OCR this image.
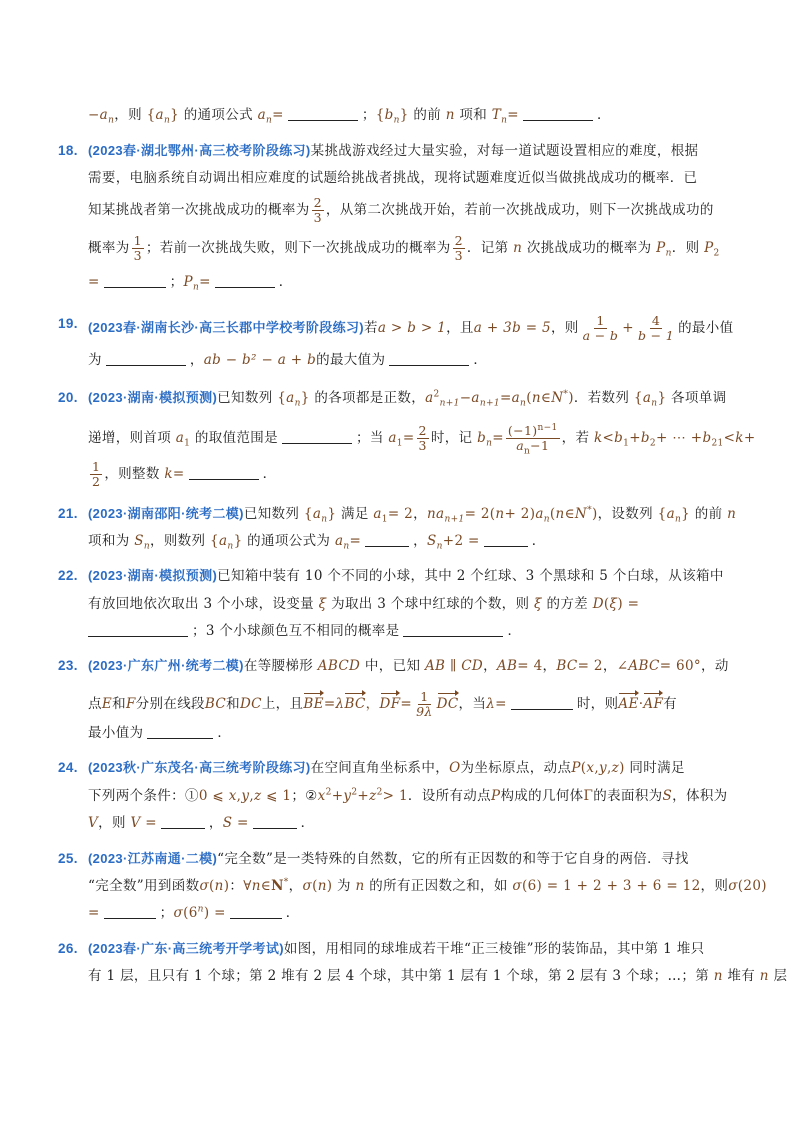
$-a_n$，则 $\{a_n\}$ 的通项公式 $a_n=$	；$\{b_n\}$ 的前 n 项和 $T_n=$	．
18. (2023春·湖北鄂州·高三校考阶段练习)某挑战游戏经过大量实验，对每一道试题设置相应的难度，根据
需要，电脑系统自动调出相应难度的试题给挑战者挑战，现将试题难度近似当做挑战成功的概率．已
知某挑战者第一次挑战成功的概率为 $\frac{2}{3}$ ，从第二次挑战开始，若前一次挑战成功，则下一次挑战成功的
概率为 $\frac{1}{3}$ ；若前一次挑战失败，则下一次挑战成功的概率为 $\frac{2}{3}$ ．记第 n 次挑战成功的概率为 $P_n$．则 $P_2$
=	；$P_n=$	．
19. (2023春·湖南长沙·高三长郡中学校考阶段练习)若a > b > 1，且a + 3b = 5，则 $\frac{1}{a - b} + \frac{4}{b - 1}$ 的最小值
为	，ab − b² − a + b的最大值为	．
20. (2023·湖南·模拟预测)已知数列 $\{a_n\}$ 的各项都是正数，$a^2_{n+1}-a_{n+1}=a_n(n\in N^*)$．若数列 $\{a_n\}$ 各项单调
递增，则首项 $a_1$ 的取值范围是	；当 $a_1= \frac{2}{3}$ 时，记 $b_n= \frac{(-1)^{n-1}}{a_n-1}$ ，若 $k<b_1+b_2+$ ⋯ $+b_{21}<k+$
$\frac{1}{2}$ ，则整数 k=	．
21. (2023·湖南邵阳·统考二模)已知数列 $\{a_n\}$ 满足 $a_1= 2$，$na_{n+1}= 2(n+$ $2)a_n(n\in N^*)$，设数列 $\{a_n\}$ 的前 n
项和为 $S_n$，则数列 $\{a_n\}$ 的通项公式为 $a_n=$	，$S_n+2$ =	．
22. (2023·湖南·模拟预测)已知箱中装有 10 个不同的小球，其中 2 个红球、3 个黑球和 5 个白球，从该箱中
有放回地依次取出 3 个小球，设变量 ξ 为取出 3 个球中红球的个数，则 ξ 的方差 D(ξ) =
；3 个小球颜色互不相同的概率是	．
23. (2023·广东广州·统考二模)在等腰梯形 ABCD 中，已知 AB ∥ CD，AB= 4，BC= 2，∠ABC= 60°，动
点E和F分别在线段BC和DC上，且BE=λBC，$DF= \frac{1}{9\lambda}$ DC，当λ=	时，则AE·AF有
最小值为	．
24. (2023秋·广东茂名·高三统考阶段练习)在空间直角坐标系中，O为坐标原点，动点P(x,y,z) 同时满足
下列两个条件：①0 ⩽ x,y,z ⩽ 1；$②x^2+y^2+z^2> 1$．设所有动点P构成的几何体Γ的表面积为S，体积为
V，则 V =	，S =	．
25. (2023·江苏南通·二模)“完全数”是一类特殊的自然数，它的所有正因数的和等于它自身的两倍．寻找
“完全数”用到函数σ(n)：∀n∈N*，σ(n) 为 n 的所有正因数之和，如 σ(6) = 1 + 2 + 3 + 6 = 12，则σ(20)
=	；$\sigma(6^n)$ =	．
26. (2023春·广东·高三统考开学考试)如图，用相同的球堆成若干堆“正三棱锥”形的装饰品，其中第 1 堆只
有 1 层，且只有 1 个球；第 2 堆有 2 层 4 个球，其中第 1 层有 1 个球，第 2 层有 3 个球；…；第 n 堆有 n 层
